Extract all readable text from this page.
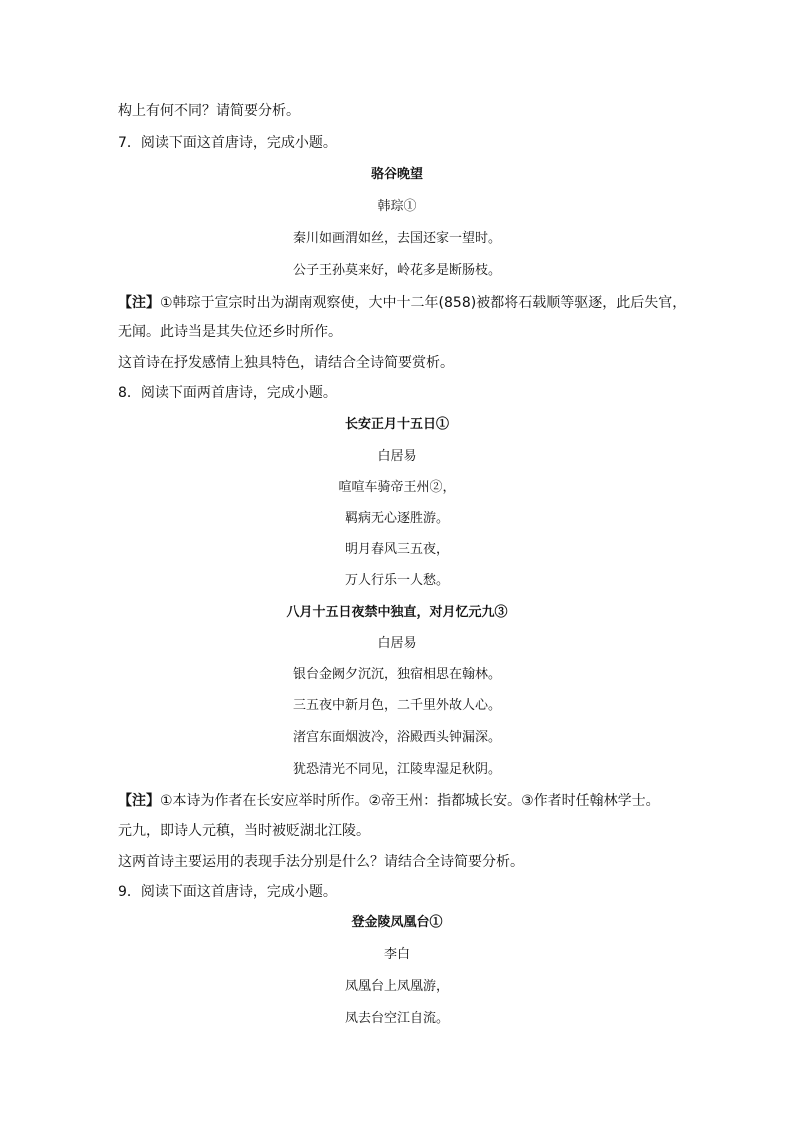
构上有何不同？请简要分析。
7．阅读下面这首唐诗，完成小题。
骆谷晚望
韩琮①
秦川如画渭如丝，去国还家一望时。
公子王孙莫来好，岭花多是断肠枝。
【注】①韩琮于宣宗时出为湖南观察使，大中十二年(858)被都将石载顺等驱逐，此后失官，
无闻。此诗当是其失位还乡时所作。
这首诗在抒发感情上独具特色，请结合全诗简要赏析。
8．阅读下面两首唐诗，完成小题。
长安正月十五日①
白居易
喧喧车骑帝王州②，
羁病无心逐胜游。
明月春风三五夜，
万人行乐一人愁。
八月十五日夜禁中独直，对月忆元九③
白居易
银台金阙夕沉沉，独宿相思在翰林。
三五夜中新月色，二千里外故人心。
渚宫东面烟波冷，浴殿西头钟漏深。
犹恐清光不同见，江陵卑湿足秋阴。
【注】①本诗为作者在长安应举时所作。②帝王州：指都城长安。③作者时任翰林学士。
元九，即诗人元稹，当时被贬湖北江陵。
这两首诗主要运用的表现手法分别是什么？请结合全诗简要分析。
9．阅读下面这首唐诗，完成小题。
登金陵凤凰台①
李白
凤凰台上凤凰游，
凤去台空江自流。
